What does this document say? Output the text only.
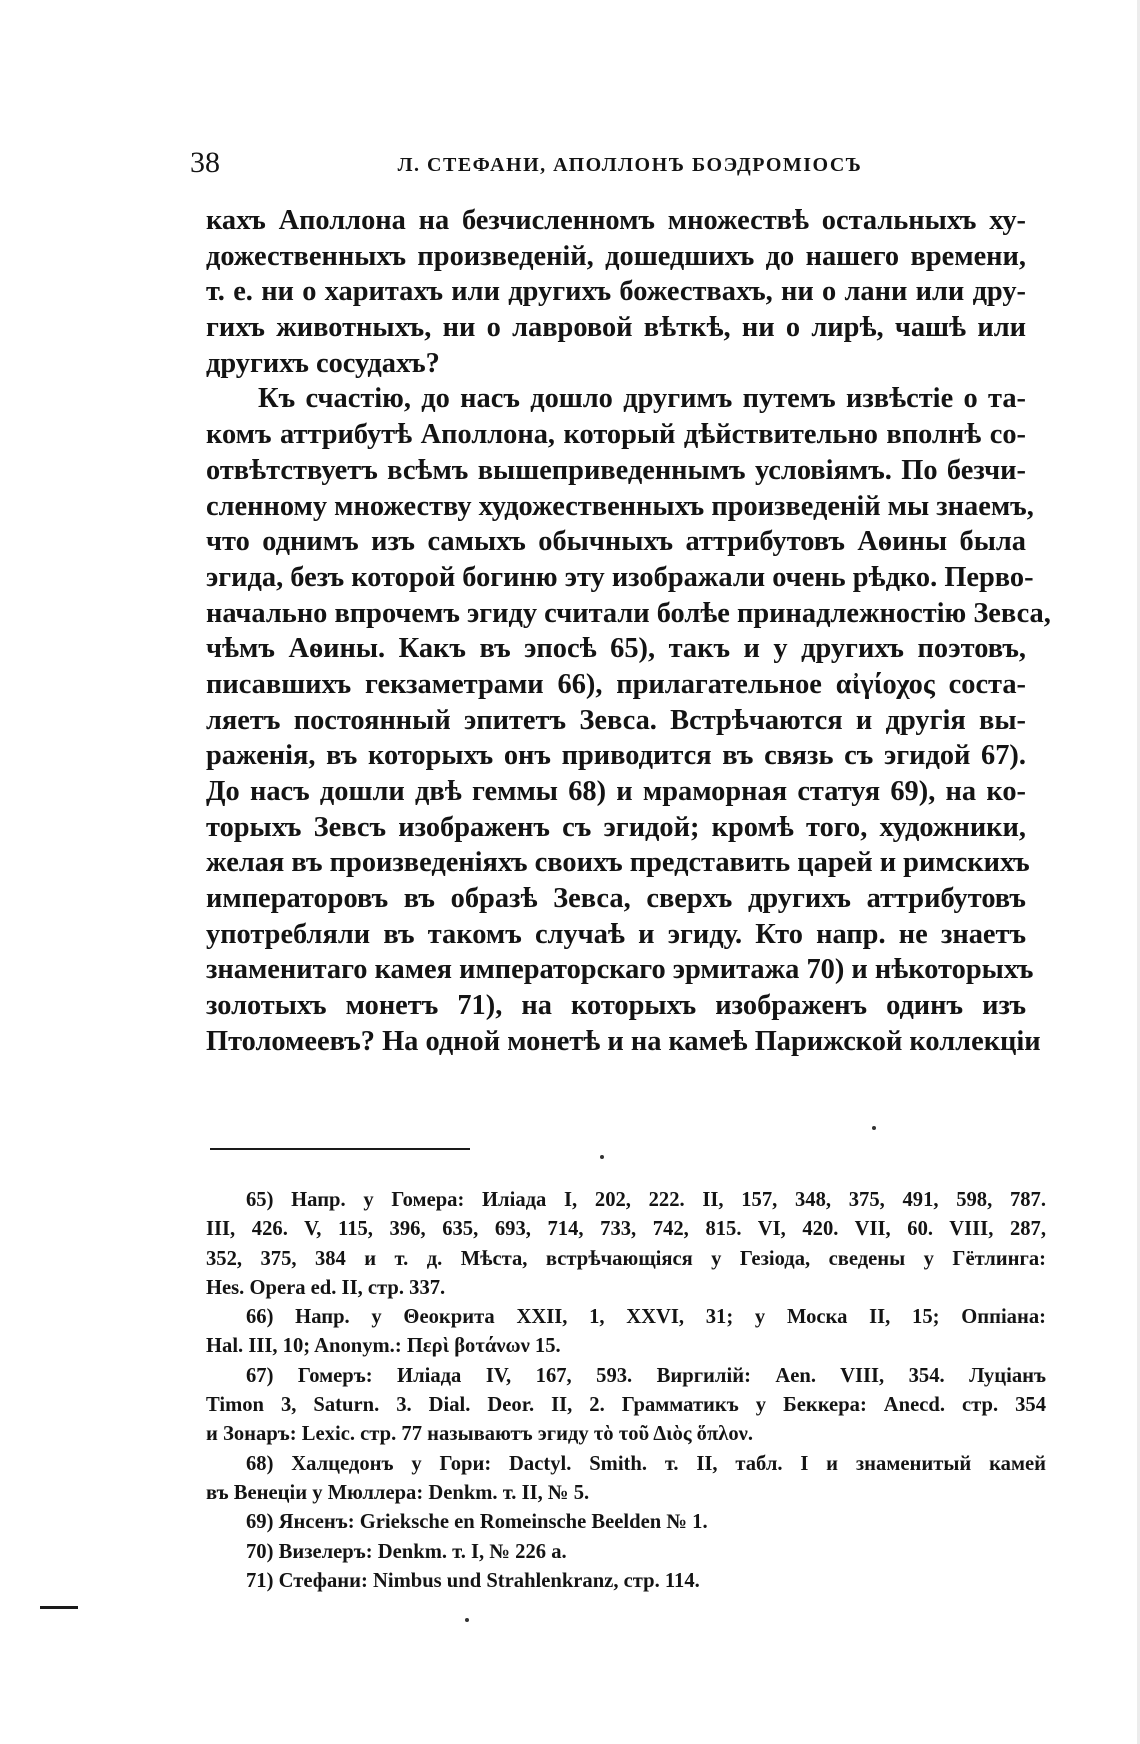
38	Л. СТЕФАНИ, АПОЛЛОНЪ БОЭДРОМІОСЪ
кахъ Аполлона на безчисленномъ множествѣ остальныхъ ху-
дожественныхъ произведеній, дошедшихъ до нашего времени,
т. е. ни о харитахъ или другихъ божествахъ, ни о лани или дру-
гихъ животныхъ, ни о лавровой вѣткѣ, ни о лирѣ, чашѣ или
другихъ сосудахъ?
Къ счастію, до насъ дошло другимъ путемъ извѣстіе о та-
комъ аттрибутѣ Аполлона, который дѣйствительно вполнѣ со-
отвѣтствуетъ всѣмъ вышеприведеннымъ условіямъ. По безчи-
сленному множеству художественныхъ произведеній мы знаемъ,
что однимъ изъ самыхъ обычныхъ аттрибутовъ Аѳины была
эгида, безъ которой богиню эту изображали очень рѣдко. Перво-
начально впрочемъ эгиду считали болѣе принадлежностію Зевса,
чѣмъ Аѳины. Какъ въ эпосѣ 65), такъ и у другихъ поэтовъ,
писавшихъ гекзаметрами 66), прилагательное αἰγίοχος соста-
ляетъ постоянный эпитетъ Зевса. Встрѣчаются и другія вы-
раженія, въ которыхъ онъ приводится въ связь съ эгидой 67).
До насъ дошли двѣ геммы 68) и мраморная статуя 69), на ко-
торыхъ Зевсъ изображенъ съ эгидой; кромѣ того, художники,
желая въ произведеніяхъ своихъ представить царей и римскихъ
императоровъ въ образѣ Зевса, сверхъ другихъ аттрибутовъ
употребляли въ такомъ случаѣ и эгиду. Кто напр. не знаетъ
знаменитаго камея императорскаго эрмитажа 70) и нѣкоторыхъ
золотыхъ монетъ 71), на которыхъ изображенъ одинъ изъ
Птоломеевъ? На одной монетѣ и на камеѣ Парижской коллекціи
65) Напр. у Гомера: Иліада I, 202, 222. II, 157, 348, 375, 491, 598, 787.
III, 426. V, 115, 396, 635, 693, 714, 733, 742, 815. VI, 420. VII, 60. VIII, 287,
352, 375, 384 и т. д. Мѣста, встрѣчающіяся у Гезіода, сведены у Гётлинга:
Hes. Opera ed. II, стр. 337.
66) Напр. у Θеокрита XXII, 1, XXVI, 31; у Моска II, 15; Оппіана:
Hal. III, 10; Anonym.: Περὶ βοτάνων 15.
67) Гомеръ: Иліада IV, 167, 593. Виргилій: Aen. VIII, 354. Луціанъ
Timon 3, Saturn. 3. Dial. Deor. II, 2. Грамматикъ у Беккера: Anecd. стр. 354
и Зонаръ: Lexic. стр. 77 называютъ эгиду τὸ τοῦ Διὸς ὅπλον.
68) Халцедонъ у Гори: Dactyl. Smith. т. II, табл. I и знаменитый камей
въ Венеціи у Мюллера: Denkm. т. II, № 5.
69) Янсенъ: Grieksche en Romeinsche Beelden № 1.
70) Визелеръ: Denkm. т. I, № 226 a.
71) Стефани: Nimbus und Strahlenkranz, стр. 114.
